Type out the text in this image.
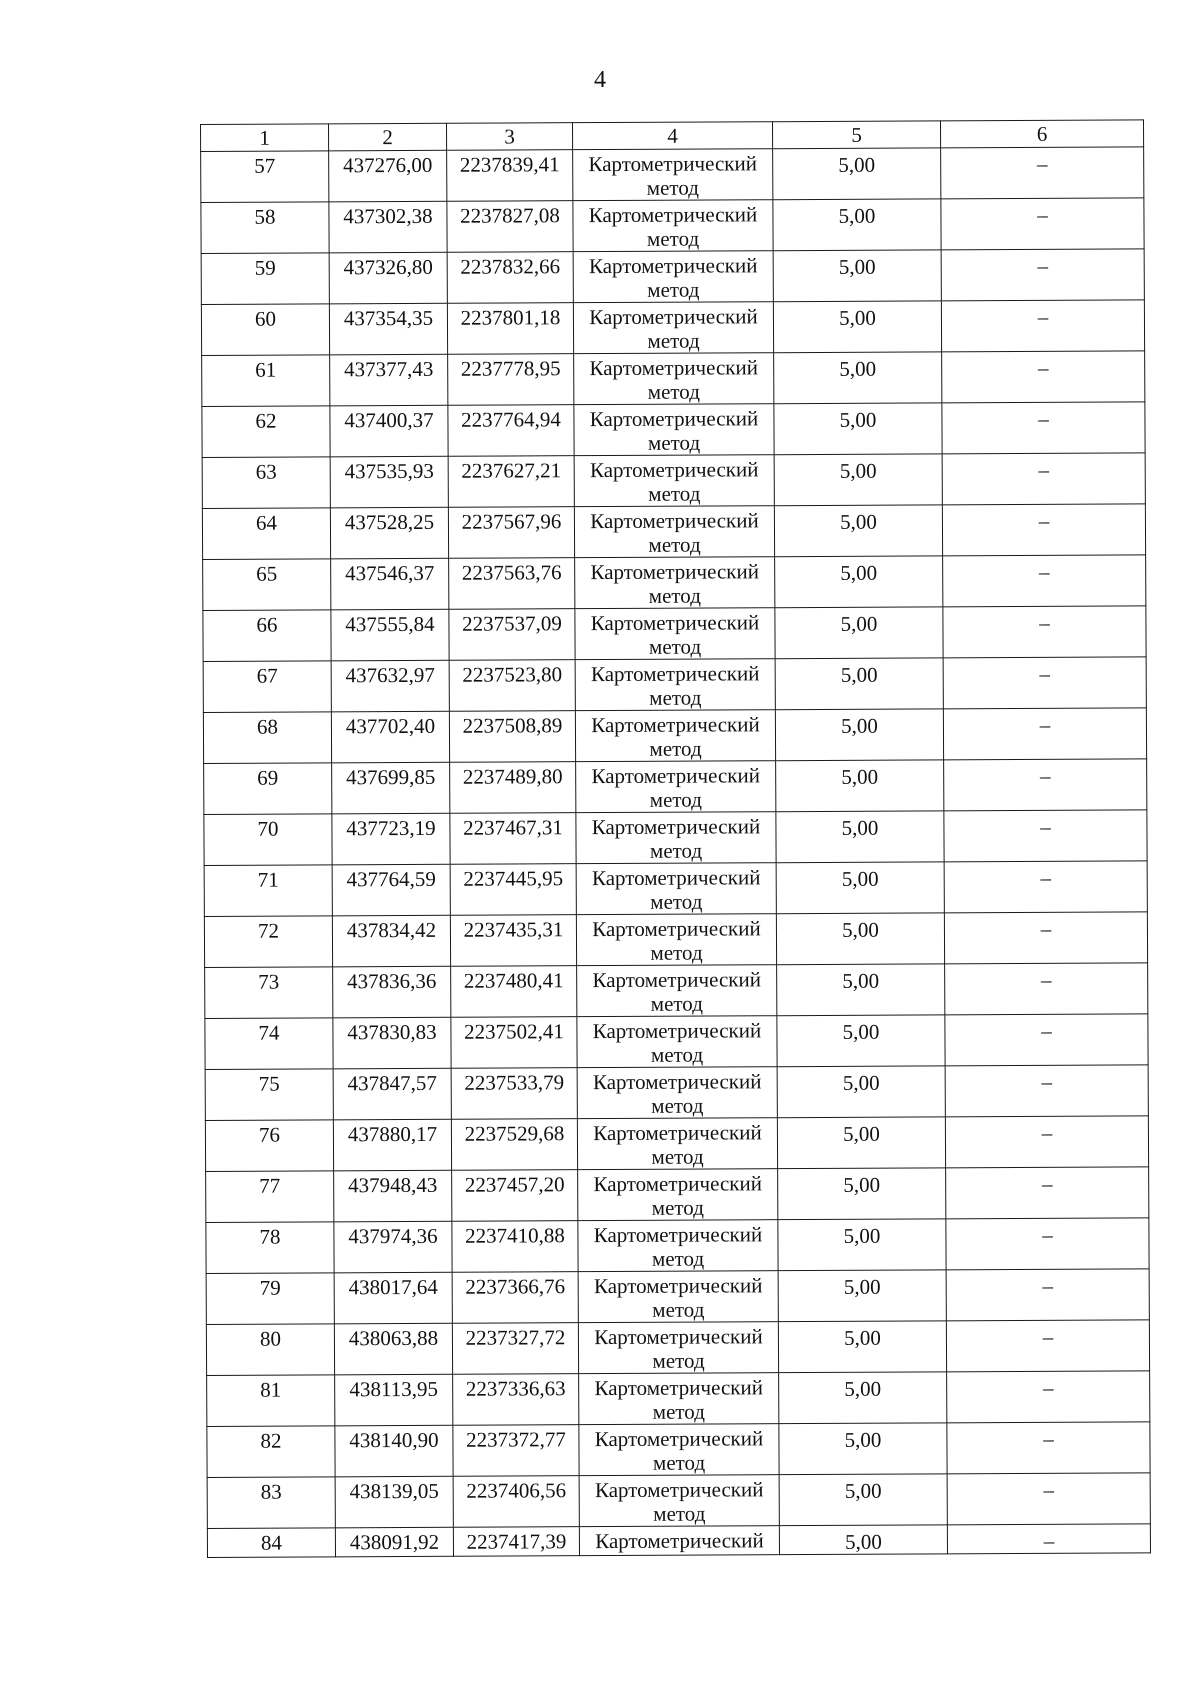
4
1	2	3	4	5	6
57	437276,00	2237839,41	Картометрический метод	5,00	–
58	437302,38	2237827,08	Картометрический метод	5,00	–
59	437326,80	2237832,66	Картометрический метод	5,00	–
60	437354,35	2237801,18	Картометрический метод	5,00	–
61	437377,43	2237778,95	Картометрический метод	5,00	–
62	437400,37	2237764,94	Картометрический метод	5,00	–
63	437535,93	2237627,21	Картометрический метод	5,00	–
64	437528,25	2237567,96	Картометрический метод	5,00	–
65	437546,37	2237563,76	Картометрический метод	5,00	–
66	437555,84	2237537,09	Картометрический метод	5,00	–
67	437632,97	2237523,80	Картометрический метод	5,00	–
68	437702,40	2237508,89	Картометрический метод	5,00	–
69	437699,85	2237489,80	Картометрический метод	5,00	–
70	437723,19	2237467,31	Картометрический метод	5,00	–
71	437764,59	2237445,95	Картометрический метод	5,00	–
72	437834,42	2237435,31	Картометрический метод	5,00	–
73	437836,36	2237480,41	Картометрический метод	5,00	–
74	437830,83	2237502,41	Картометрический метод	5,00	–
75	437847,57	2237533,79	Картометрический метод	5,00	–
76	437880,17	2237529,68	Картометрический метод	5,00	–
77	437948,43	2237457,20	Картометрический метод	5,00	–
78	437974,36	2237410,88	Картометрический метод	5,00	–
79	438017,64	2237366,76	Картометрический метод	5,00	–
80	438063,88	2237327,72	Картометрический метод	5,00	–
81	438113,95	2237336,63	Картометрический метод	5,00	–
82	438140,90	2237372,77	Картометрический метод	5,00	–
83	438139,05	2237406,56	Картометрический метод	5,00	–
84	438091,92	2237417,39	Картометрический	5,00	–
